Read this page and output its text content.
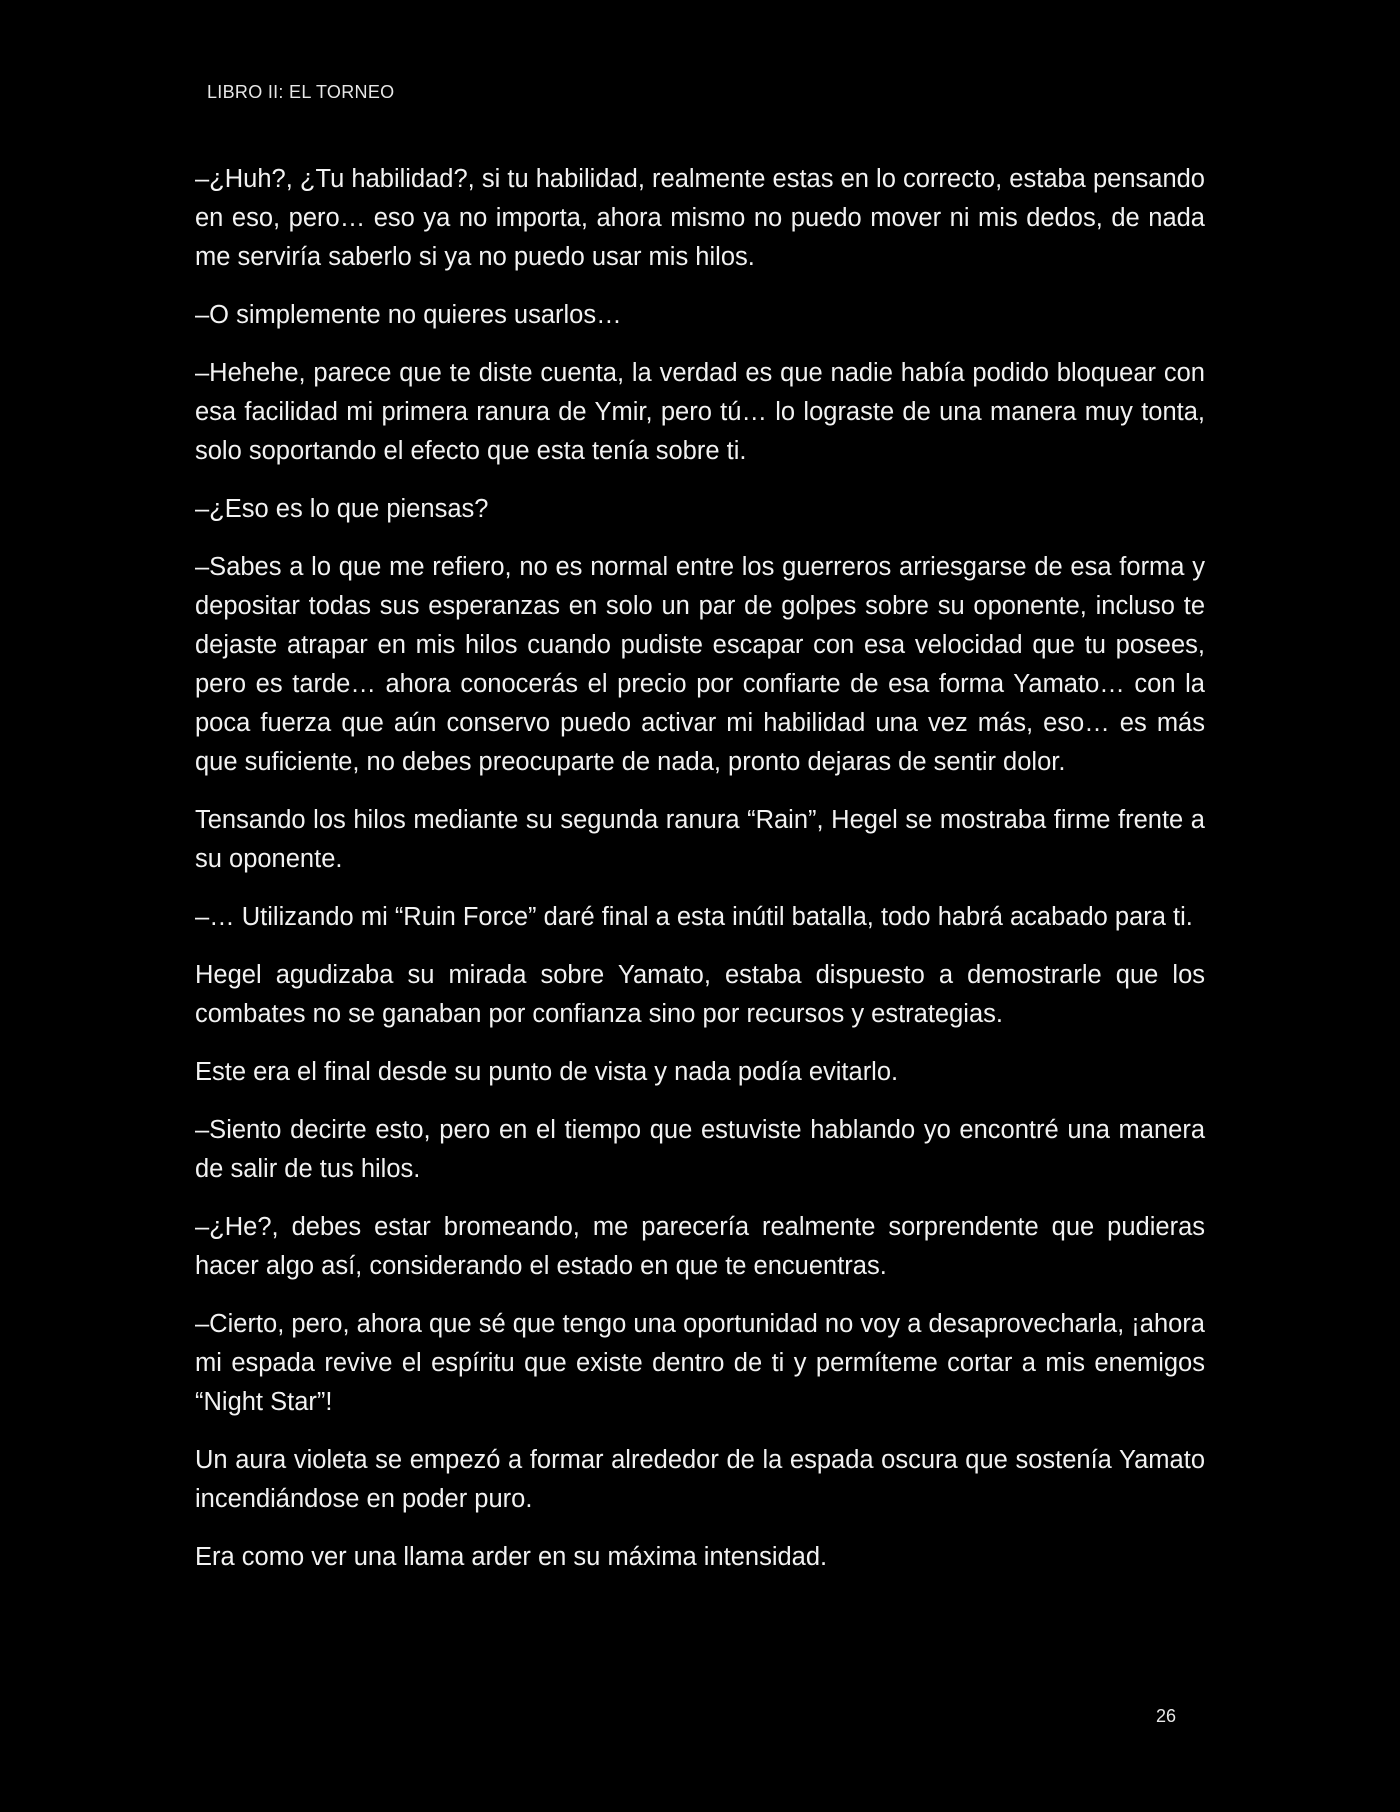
LIBRO II: EL TORNEO

–¿Huh?, ¿Tu habilidad?, si tu habilidad, realmente estas en lo correcto, estaba pensando en eso, pero… eso ya no importa, ahora mismo no puedo mover ni mis dedos, de nada me serviría saberlo si ya no puedo usar mis hilos.

–O simplemente no quieres usarlos…

–Hehehe, parece que te diste cuenta, la verdad es que nadie había podido bloquear con esa facilidad mi primera ranura de Ymir, pero tú… lo lograste de una manera muy tonta, solo soportando el efecto que esta tenía sobre ti.

–¿Eso es lo que piensas?

–Sabes a lo que me refiero, no es normal entre los guerreros arriesgarse de esa forma y depositar todas sus esperanzas en solo un par de golpes sobre su oponente, incluso te dejaste atrapar en mis hilos cuando pudiste escapar con esa velocidad que tu posees, pero es tarde… ahora conocerás el precio por confiarte de esa forma Yamato… con la poca fuerza que aún conservo puedo activar mi habilidad una vez más, eso… es más que suficiente, no debes preocuparte de nada, pronto dejaras de sentir dolor.

Tensando los hilos mediante su segunda ranura “Rain”, Hegel se mostraba firme frente a su oponente.

–… Utilizando mi “Ruin Force” daré final a esta inútil batalla, todo habrá acabado para ti.

Hegel agudizaba su mirada sobre Yamato, estaba dispuesto a demostrarle que los combates no se ganaban por confianza sino por recursos y estrategias.

Este era el final desde su punto de vista y nada podía evitarlo.

–Siento decirte esto, pero en el tiempo que estuviste hablando yo encontré una manera de salir de tus hilos.

–¿He?, debes estar bromeando, me parecería realmente sorprendente que pudieras hacer algo así, considerando el estado en que te encuentras.

–Cierto, pero, ahora que sé que tengo una oportunidad no voy a desaprovecharla, ¡ahora mi espada revive el espíritu que existe dentro de ti y permíteme cortar a mis enemigos “Night Star”!

Un aura violeta se empezó a formar alrededor de la espada oscura que sostenía Yamato incendiándose en poder puro.

Era como ver una llama arder en su máxima intensidad.

26
